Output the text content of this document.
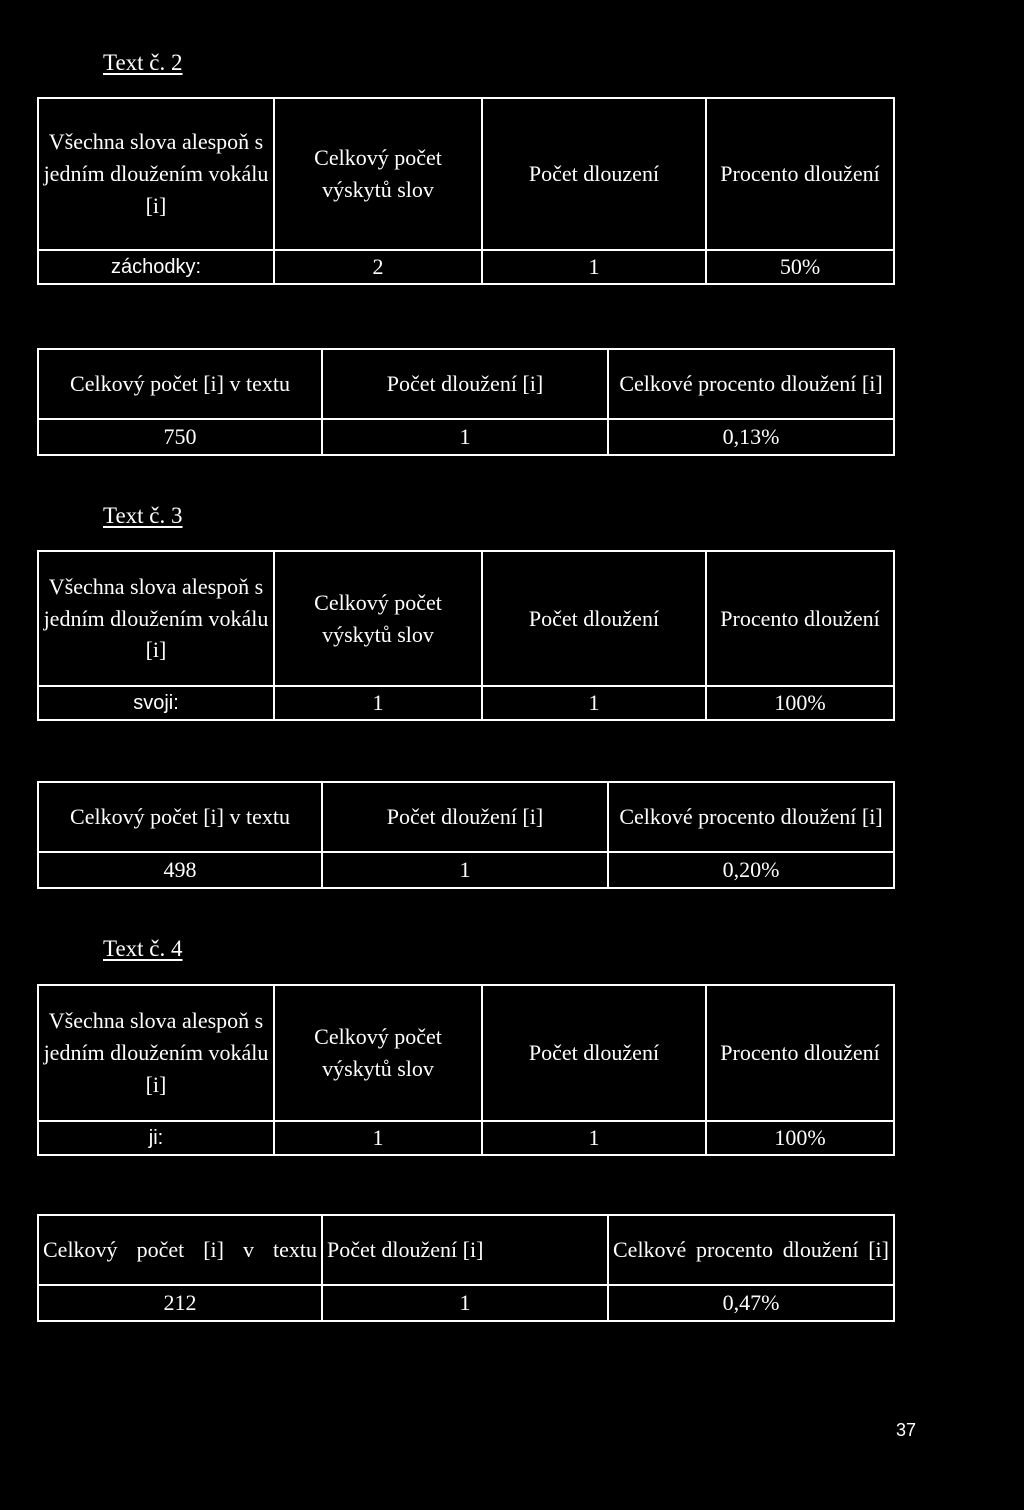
Text č. 2
Všechna slova alespoň s jedním dloužením vokálu [i]	Celkový počet výskytů slov	Počet dlouzení	Procento dloužení
záchodky:	2	1	50%
Celkový počet [i] v textu	Počet dloužení [i]	Celkové procento dloužení [i]
750	1	0,13%
Text č. 3
Všechna slova alespoň s jedním dloužením vokálu [i]	Celkový počet výskytů slov	Počet dloužení	Procento dloužení
svoji:	1	1	100%
Celkový počet [i] v textu	Počet dloužení [i]	Celkové procento dloužení [i]
498	1	0,20%
Text č. 4
Všechna slova alespoň s jedním dloužením vokálu [i]	Celkový počet výskytů slov	Počet dloužení	Procento dloužení
ji:	1	1	100%
Celkový počet [i] v textu	Počet dloužení [i]	Celkové procento dloužení [i]
212	1	0,47%
37
